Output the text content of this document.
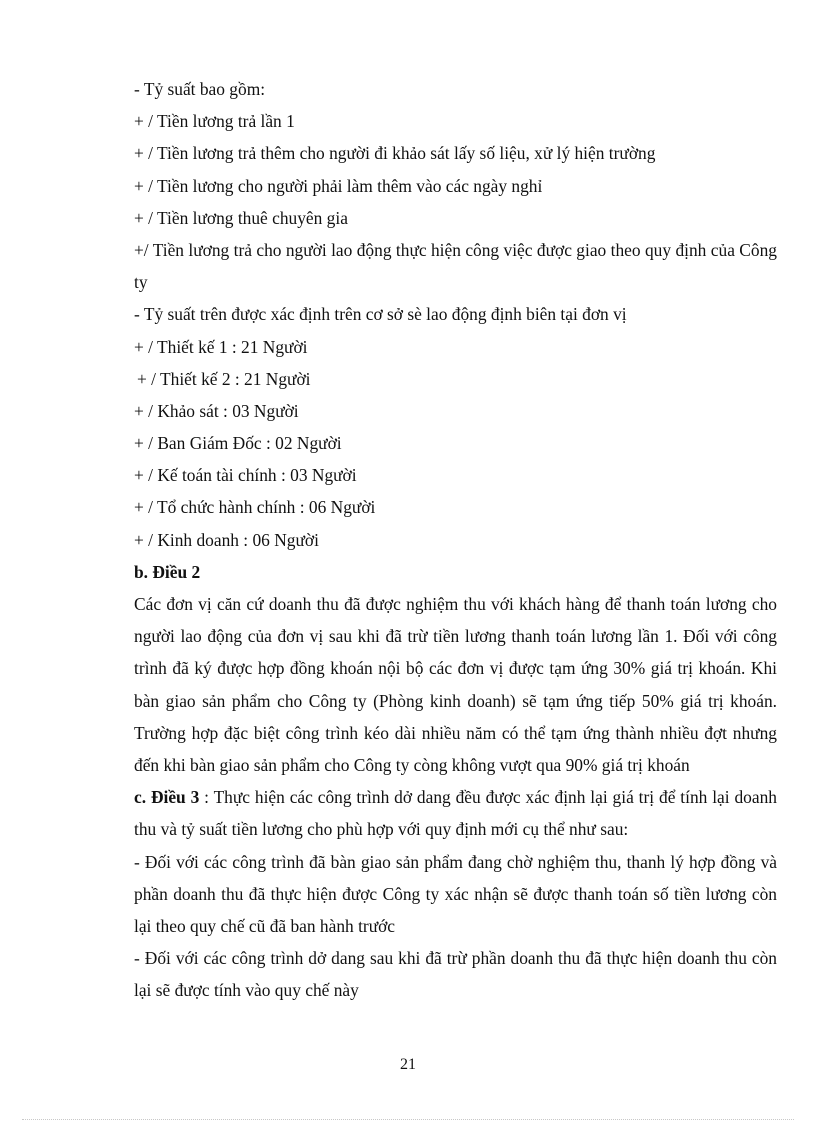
- Tỷ suất bao gồm:
+ / Tiền lương trả lần 1
+ / Tiền lương trả thêm cho người đi khảo sát lấy số liệu, xử lý hiện trường
+ / Tiền lương cho người phải làm thêm vào các ngày nghỉ
+ / Tiền lương thuê chuyên gia

+/ Tiền lương trả cho người lao động thực hiện công việc được giao theo quy định của Công ty

- Tỷ suất trên được xác định trên cơ sở sè lao động định biên tại đơn vị
+ / Thiết kế 1 : 21 Người
+ / Thiết kế 2 : 21 Người
+ / Khảo sát : 03 Người
+ / Ban Giám Đốc : 02 Người
+ / Kế toán tài chính : 03 Người
+ / Tổ chức hành chính : 06 Người
+ / Kinh doanh : 06 Người
b. Điều 2

Các đơn vị căn cứ doanh thu đã được nghiệm thu với khách hàng để thanh toán lương cho người lao động của đơn vị sau khi đã trừ tiền lương thanh toán lương lần 1. Đối với công trình đã ký được hợp đồng khoán nội bộ các đơn vị được tạm ứng 30% giá trị khoán. Khi bàn giao sản phẩm cho Công ty (Phòng kinh doanh) sẽ tạm ứng tiếp 50% giá trị khoán. Trường hợp đặc biệt công trình kéo dài nhiều năm có thể tạm ứng thành nhiều đợt nhưng đến khi bàn giao sản phẩm cho Công ty còng không vượt qua 90% giá trị khoán

c. Điều 3 : Thực hiện các công trình dở dang đều được xác định lại giá trị để tính lại doanh thu và tỷ suất tiền lương cho phù hợp với quy định mới cụ thể như sau:

- Đối với các công trình đã bàn giao sản phẩm đang chờ nghiệm thu, thanh lý hợp đồng và phần doanh thu đã thực hiện được Công ty xác nhận sẽ được thanh toán số tiền lương còn lại theo quy chế cũ đã ban hành trước

- Đối với các công trình dở dang sau khi đã trừ phần doanh thu đã thực hiện doanh thu còn lại sẽ được tính vào quy chế này

21
